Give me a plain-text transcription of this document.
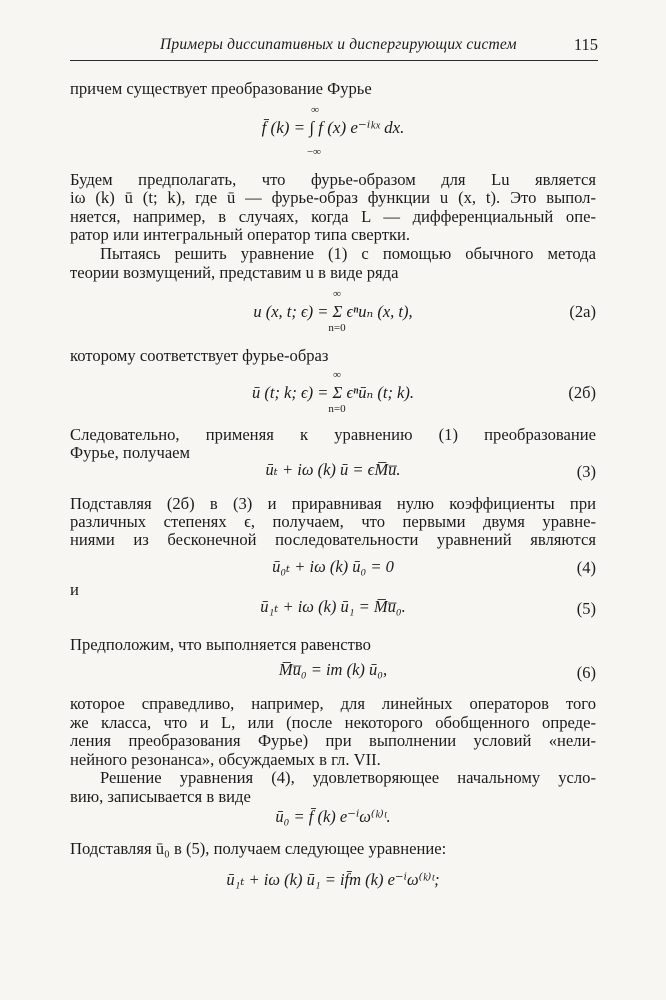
Примеры диссипативных и диспергирующих систем	115
причем существует преобразование Фурье
f̄ (k) = ∫ f (x) e⁻ⁱᵏˣ dx.
∞
−∞
Будем предполагать, что фурье-образом для Lu является
iω (k) ū (t; k), где ū — фурье-образ функции u (x, t). Это выпол-
няется, например, в случаях, когда L — дифференциальный опе-
ратор или интегральный оператор типа свертки.
Пытаясь решить уравнение (1) с помощью обычного метода
теории возмущений, представим u в виде ряда
u (x, t; ϵ) = Σ ϵⁿuₙ (x, t),
∞
n=0
(2a)
которому соответствует фурье-образ
ū (t; k; ϵ) = Σ ϵⁿūₙ (t; k).
∞
n=0
(2б)
Следовательно, применяя к уравнению (1) преобразование
Фурье, получаем
ūₜ + iω (k) ū = ϵM̅u̅.	(3)
Подставляя (2б) в (3) и приравнивая нулю коэффициенты при
различных степенях ϵ, получаем, что первыми двумя уравне-
ниями из бесконечной последовательности уравнений являются
ū₀ₜ + iω (k) ū₀ = 0	(4)
и
ū₁ₜ + iω (k) ū₁ = M̅u̅₀.	(5)
Предположим, что выполняется равенство
M̅u̅₀ = im (k) ū₀,	(6)
которое справедливо, например, для линейных операторов того
же класса, что и L, или (после некоторого обобщенного опреде-
ления преобразования Фурье) при выполнении условий «нели-
нейного резонанса», обсуждаемых в гл. VII.
Решение уравнения (4), удовлетворяющее начальному усло-
вию, записывается в виде
ū₀ = f̄ (k) e⁻ⁱω⁽ᵏ⁾ᵗ.
Подставляя ū₀ в (5), получаем следующее уравнение:
ū₁ₜ + iω (k) ū₁ = if̄m (k) e⁻ⁱω⁽ᵏ⁾ᵗ;
